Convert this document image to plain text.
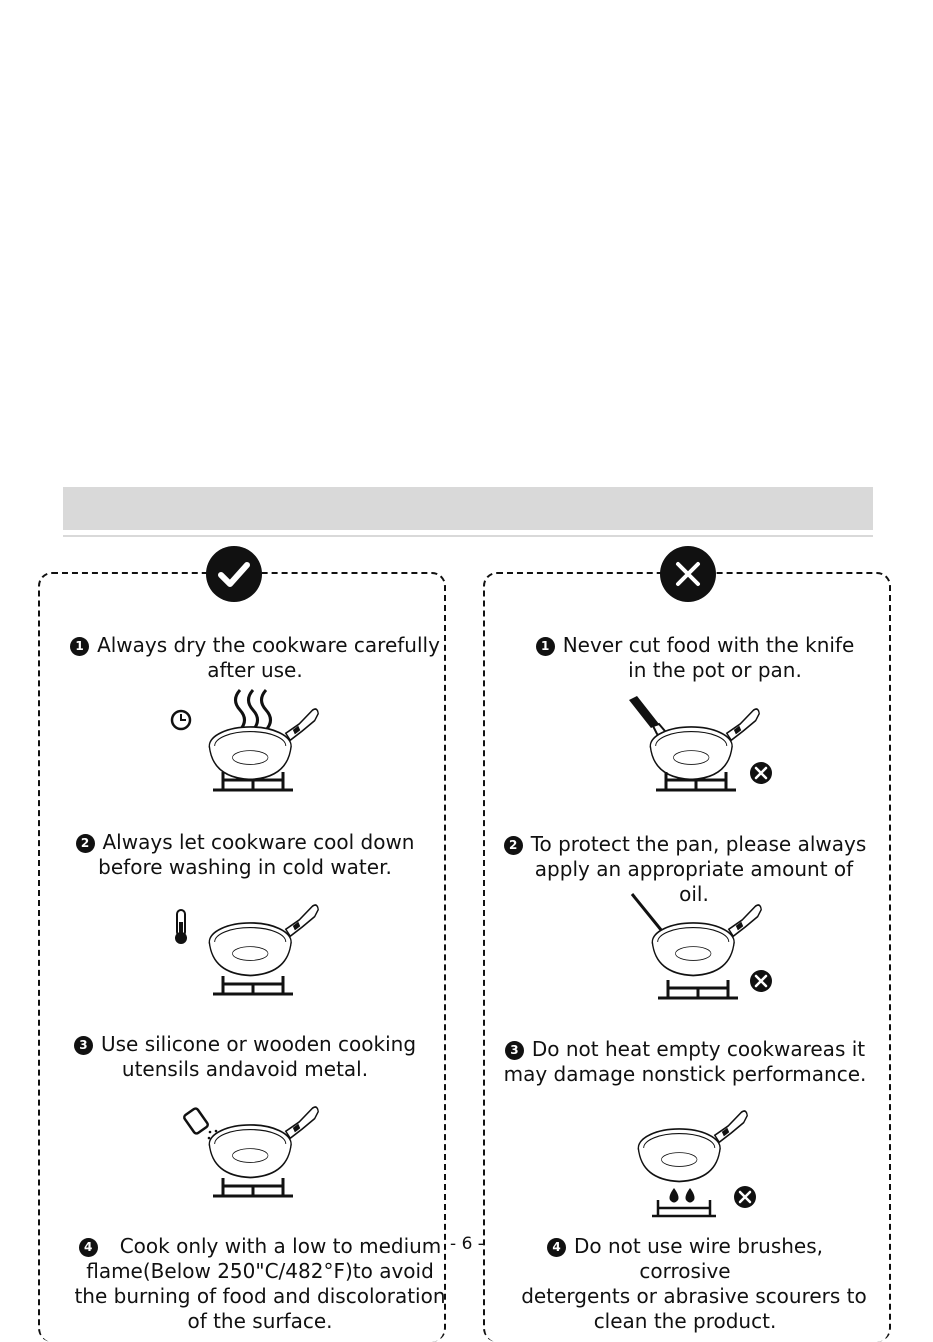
1 Always dry the cookware carefully
after use.
2 Always let cookware cool down
before washing in cold water.
3 Use silicone or wooden cooking
utensils andavoid metal.
4 Cook only with a low to medium
flame(Below 250"C/482°F)to avoid
the burning of food and discoloration
of the surface.
1 Never cut food with the knife
in the pot or pan.
2 To protect the pan, please always
apply an appropriate amount of oil.
3 Do not heat empty cookwareas it
may damage nonstick performance.
4 Do not use wire brushes, corrosive
detergents or abrasive scourers to
clean the product.
- 6 -
